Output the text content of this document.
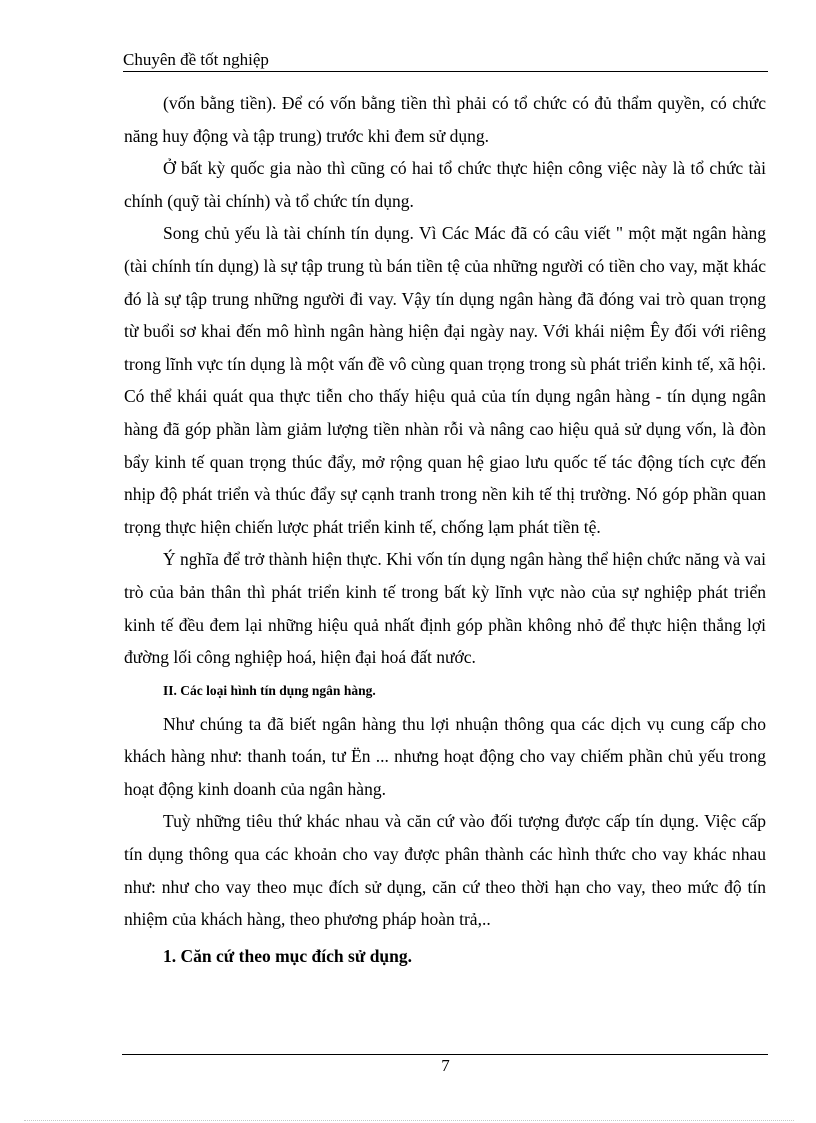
Chuyên đề tốt nghiệp

(vốn bằng tiền). Để có vốn bằng tiền thì phải có tổ chức có đủ thẩm quyền, có chức năng huy động và tập trung) trước khi đem sử dụng.

Ở bất kỳ quốc gia nào thì cũng có hai tổ chức thực hiện công việc này là tổ chức tài chính (quỹ tài chính) và tổ chức tín dụng.

Song chủ yếu là tài chính tín dụng. Vì Các Mác đã có câu viết " một mặt ngân hàng (tài chính tín dụng) là sự tập trung tù bán tiền tệ của những người có tiền cho vay, mặt khác đó là sự tập trung những người đi vay. Vậy tín dụng ngân hàng đã đóng vai trò quan trọng từ buổi sơ khai đến mô hình ngân hàng hiện đại ngày nay. Với khái niệm Êy đối với riêng trong lĩnh vực tín dụng là một vấn đề vô cùng quan trọng trong sù phát triển kinh tế, xã hội. Có thể khái quát qua thực tiễn cho thấy hiệu quả của tín dụng ngân hàng - tín dụng ngân hàng đã góp phần làm giảm lượng tiền nhàn rỗi và nâng cao hiệu quả sử dụng vốn, là đòn bẩy kinh tế quan trọng thúc đẩy, mở rộng quan hệ giao lưu quốc tế tác động tích cực đến nhịp độ phát triển và thúc đẩy sự cạnh tranh trong nền kih tế thị trường. Nó góp phần quan trọng thực hiện chiến lược phát triển kinh tế, chống lạm phát tiền tệ.

Ý nghĩa để trở thành hiện thực. Khi vốn tín dụng ngân hàng thể hiện chức năng và vai trò của bản thân thì phát triển kinh tế trong bất kỳ lĩnh vực nào của sự nghiệp phát triển kinh tế đều đem lại những hiệu quả nhất định góp phần không nhỏ để thực hiện thắng lợi đường lối công nghiệp hoá, hiện đại hoá đất nước.

II. Các loại hình tín dụng ngân hàng.

Như chúng ta đã biết ngân hàng thu lợi nhuận thông qua các dịch vụ cung cấp cho khách hàng như: thanh toán, tư Ën ... nhưng hoạt động cho vay chiếm phần chủ yếu trong hoạt động kinh doanh của ngân hàng.

Tuỳ những tiêu thứ khác nhau và căn cứ vào đối tượng được cấp tín dụng. Việc cấp tín dụng thông qua các khoản cho vay được phân thành các hình thức cho vay khác nhau như: như cho vay theo mục đích sử dụng, căn cứ theo thời hạn cho vay, theo mức độ tín nhiệm của khách hàng, theo phương pháp hoàn trả,..

1. Căn cứ theo mục đích sử dụng.
7
